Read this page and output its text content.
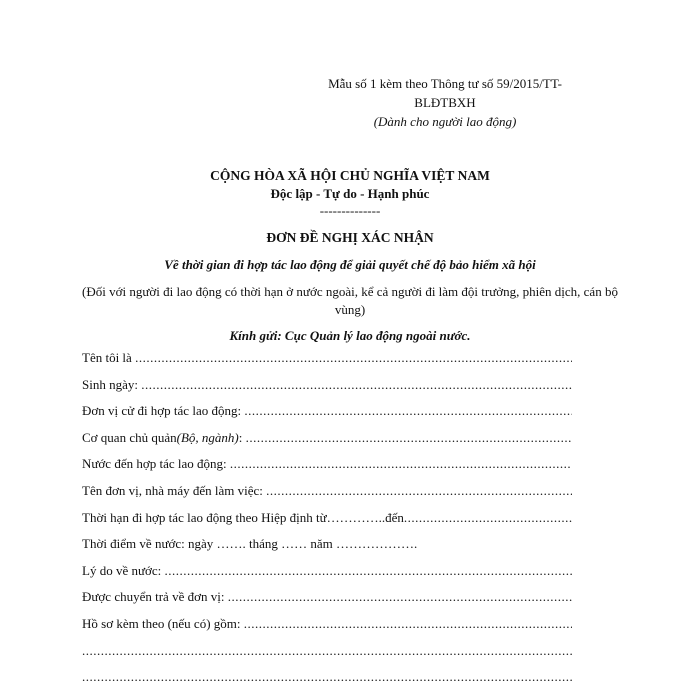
Mẫu số 1 kèm theo Thông tư số 59/2015/TT-
BLĐTBXH
(Dành cho người lao động)
CỘNG HÒA XÃ HỘI CHỦ NGHĨA VIỆT NAM
Độc lập - Tự do - Hạnh phúc
--------------
ĐƠN ĐỀ NGHỊ XÁC NHẬN
Về thời gian đi hợp tác lao động để giải quyết chế độ bảo hiểm xã hội
(Đối với người đi lao động có thời hạn ở nước ngoài, kể cả người đi làm đội trưởng, phiên dịch, cán bộ vùng)
Kính gửi: Cục Quản lý lao động ngoài nước.
Tên tôi là

.....
Sinh ngày:

.....
Đơn vị cử đi hợp tác lao động:

.....
Cơ quan chủ quản (Bộ, ngành) :

.....
Nước đến hợp tác lao động:

.....
Tên đơn vị, nhà máy đến làm việc:

.....
Thời hạn đi hợp tác lao động theo Hiệp định từ ………….. đến
.....
Thời điểm về nước: ngày ……. tháng …… năm ……………….
Lý do về nước:

.....
Được chuyển trả về đơn vị:

.....
Hồ sơ kèm theo (nếu có) gồm:

.....
.....
.....
